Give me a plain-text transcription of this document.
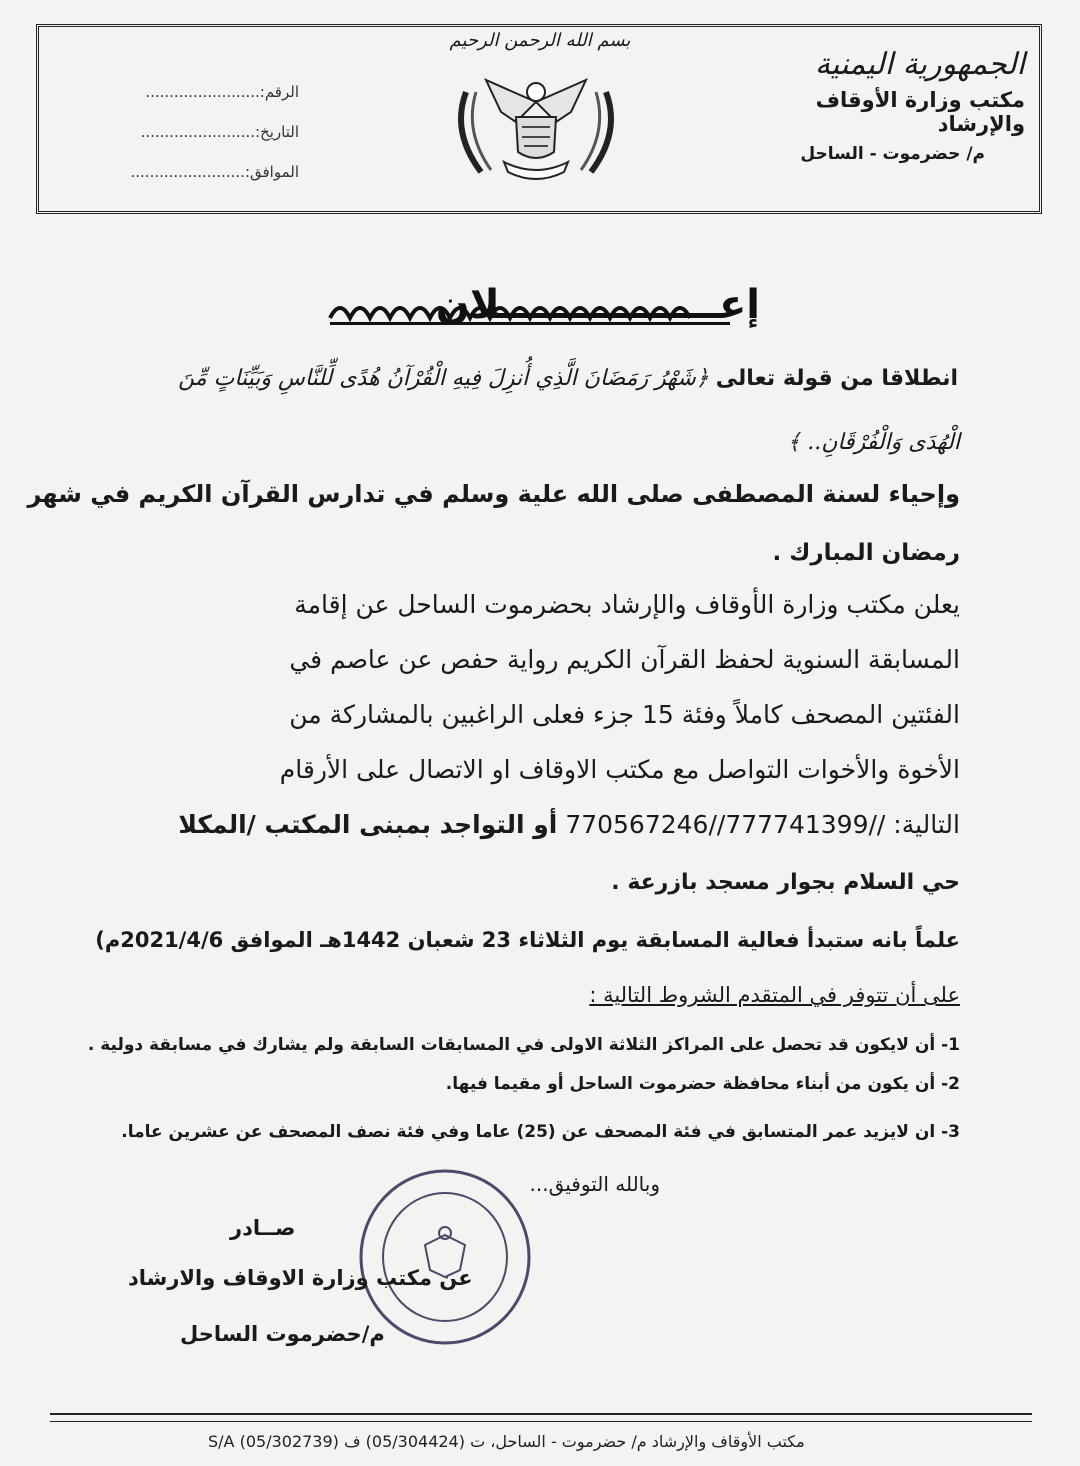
الجمهورية اليمنية
مكتب وزارة الأوقاف والإرشاد
م/ حضرموت - الساحل
الرقم:........................
التاريخ:........................
الموافق:........................
بسم الله الرحمن الرحيم
إعــــــــــــــــلان
انطلاقا من قولة تعالى ﴿شَهْرُ رَمَضَانَ الَّذِي أُنزِلَ فِيهِ الْقُرْآنُ هُدًى لِّلنَّاسِ وَبَيِّنَاتٍ مِّنَ
الْهُدَى وَالْفُرْقَانِ.. ﴾
وإحياء لسنة المصطفى صلى الله علية وسلم في تدارس القرآن الكريم في شهر
رمضان المبارك .
يعلن مكتب وزارة الأوقاف والإرشاد بحضرموت الساحل عن إقامة
المسابقة السنوية لحفظ القرآن الكريم رواية حفص عن عاصم في
الفئتين المصحف كاملاً وفئة 15 جزء فعلى الراغبين بالمشاركة من
الأخوة والأخوات التواصل مع مكتب الاوقاف او الاتصال على الأرقام
التالية: //777741399//770567246 أو التواجد بمبنى المكتب /المكلا
حي السلام بجوار مسجد بازرعة .
علماً بانه ستبدأ فعالية المسابقة يوم الثلاثاء 23 شعبان 1442هـ الموافق 2021/4/6م)
على أن تتوفر في المتقدم الشروط التالية :
1- أن لايكون قد تحصل على المراكز الثلاثة الاولى في المسابقات السابقة ولم يشارك في مسابقة دولية .
2- أن يكون من أبناء محافظة حضرموت الساحل أو مقيما فيها.
3- ان لايزيد عمر المتسابق في فئة المصحف عن (25) عاما وفي فئة نصف المصحف عن عشرين عاما.
وبالله التوفيق...
صــادر
عن مكتب وزارة الاوقاف والارشاد
م/حضرموت الساحل
مكتب الأوقاف والإرشاد م/ حضرموت - الساحل، ت (05/304424) ف (05/302739) S/A
